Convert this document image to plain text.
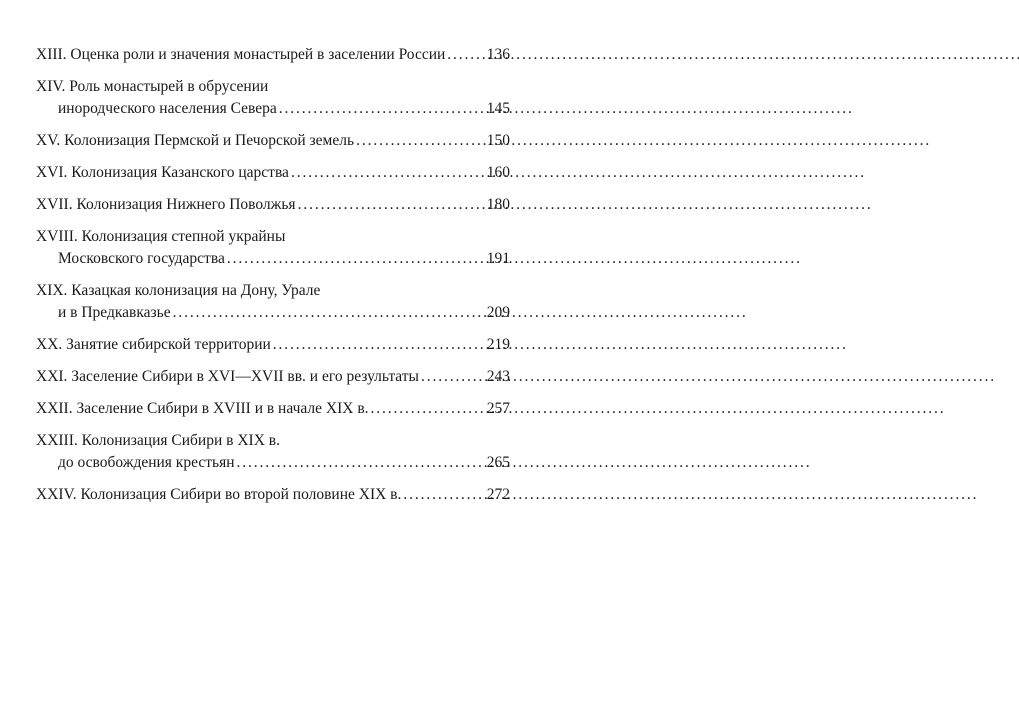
XIII. Оценка роли и значения монастырей в заселении России . . .	136
XIV. Роль монастырей в обрусении
инородческого населения Севера . . .	145
XV. Колонизация Пермской и Печорской земель . . .	150
XVI. Колонизация Казанского царства . . .	160
XVII. Колонизация Нижнего Поволжья . . .	180
XVIII. Колонизация степной украйны
Московского государства . . .	191
XIX. Казацкая колонизация на Дону, Урале
и в Предкавказье . . .	209
XX. Занятие сибирской территории . . .	219
XXI. Заселение Сибири в XVI—XVII вв. и его результаты . . .	243
XXII. Заселение Сибири в XVIII и в начале XIX в. . . .	257
XXIII. Колонизация Сибири в XIX в.
до освобождения крестьян . . .	265
XXIV. Колонизация Сибири во второй половине XIX в. . . .	272
